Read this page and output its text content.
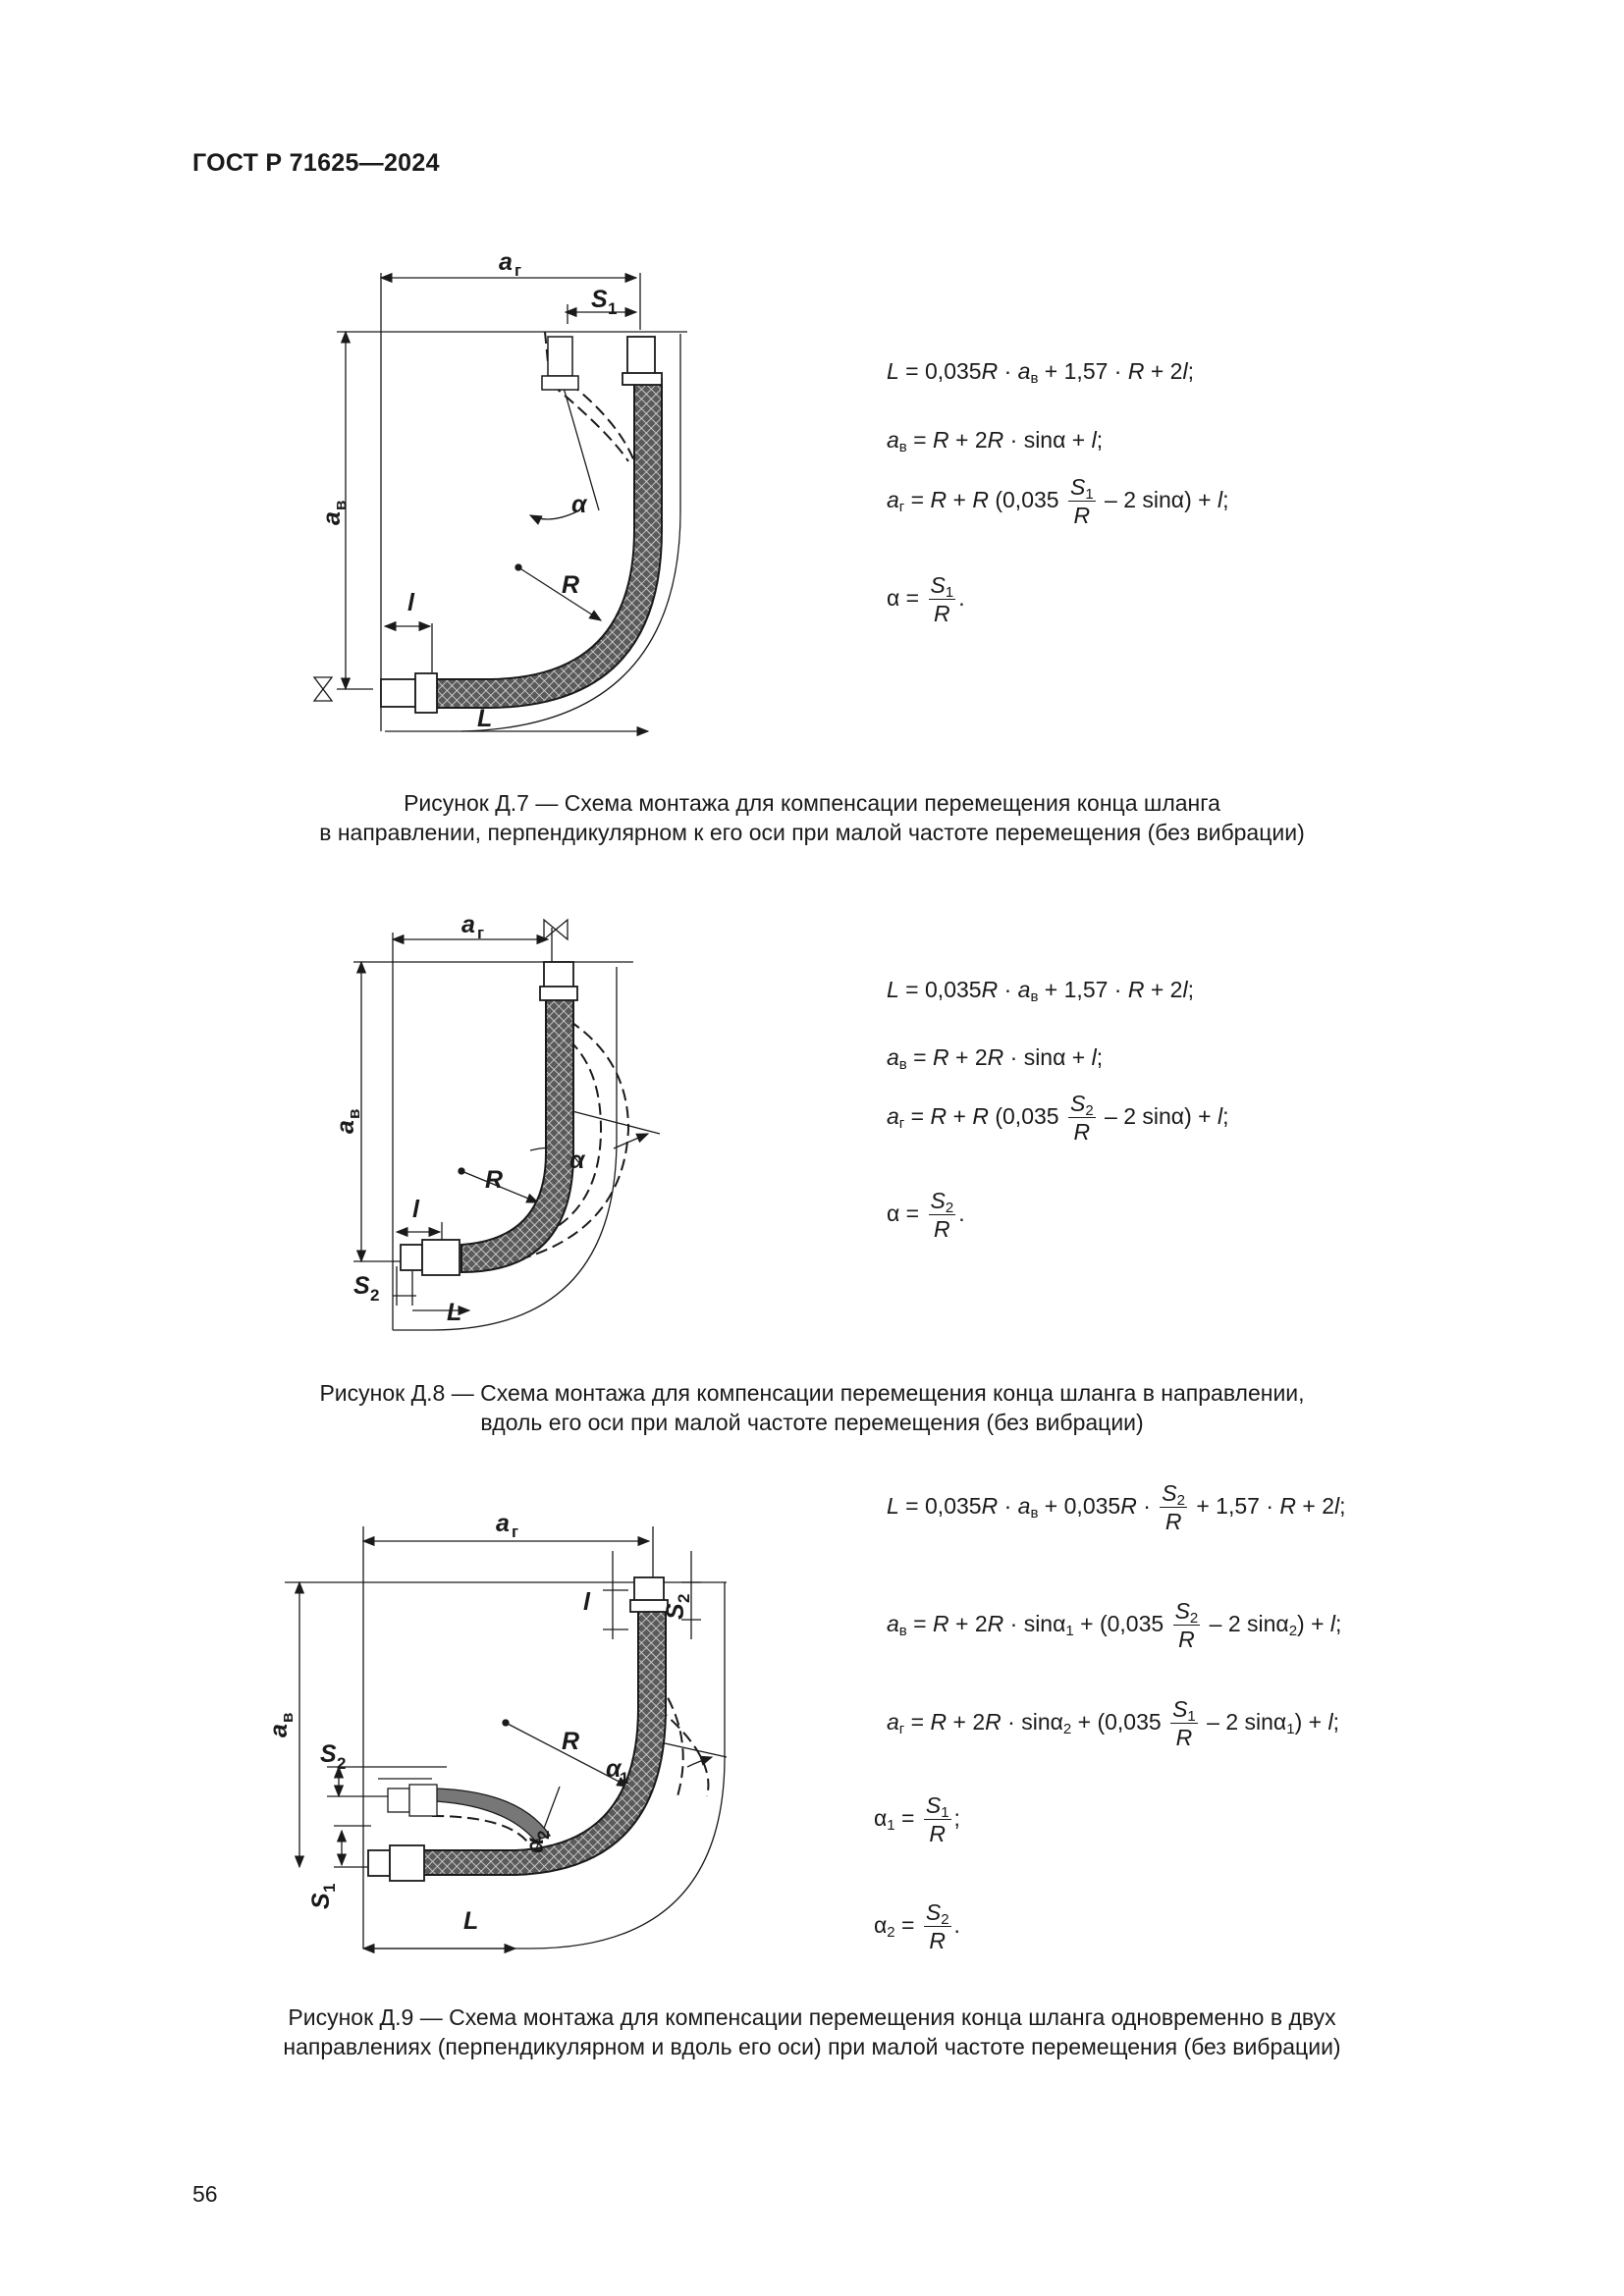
ГОСТ Р 71625—2024
a г
S 1
a
в
l
L
R
α
$L = 0,035R \cdot a_в + 1,57 \cdot R + 2l$;
$a_в = R + 2R \cdot \sin\alpha + l$;
$a_г = R + R$ ($0,035 \frac{S_1}{R} - 2$ sinα) + l;
$\alpha = \frac{S_1}{R}$ .
Рисунок Д.7 — Схема монтажа для компенсации перемещения конца шланга
в направлении, перпендикулярном к его оси при малой частоте перемещения (без вибрации)
a г
a
в
l
S 2
L
R
α
$L = 0,035R \cdot a_в + 1,57 \cdot R + 2l$;
$a_в = R + 2R \cdot \sin\alpha + l$;
$a_г = R + R$ ($0,035 \frac{S_2}{R} - 2$ sinα) + l;
$\alpha = \frac{S_2}{R}$ .
Рисунок Д.8 — Схема монтажа для компенсации перемещения конца шланга в направлении,
вдоль его оси при малой частоте перемещения (без вибрации)
a г
a
в
l	S
2
S 2
S
1
L
R
α
1
α
2
$L = 0,035R \cdot a_в + 0,035R \cdot \frac{S_2}{R} + 1,57 \cdot R + 2l$;
$a_в = R + 2R \cdot \sin\alpha_1 + (0,035 \frac{S_2}{R} - 2$ sinα$_2$) + l;
$a_г = R + 2R \cdot \sin\alpha_2 + (0,035 \frac{S_1}{R} - 2$ sinα$_1$) + l;
$\alpha_1 = \frac{S_1}{R}$ ;
$\alpha_2 = \frac{S_2}{R}$ .
Рисунок Д.9 — Схема монтажа для компенсации перемещения конца шланга одновременно в двух
направлениях (перпендикулярном и вдоль его оси) при малой частоте перемещения (без вибрации)
56
